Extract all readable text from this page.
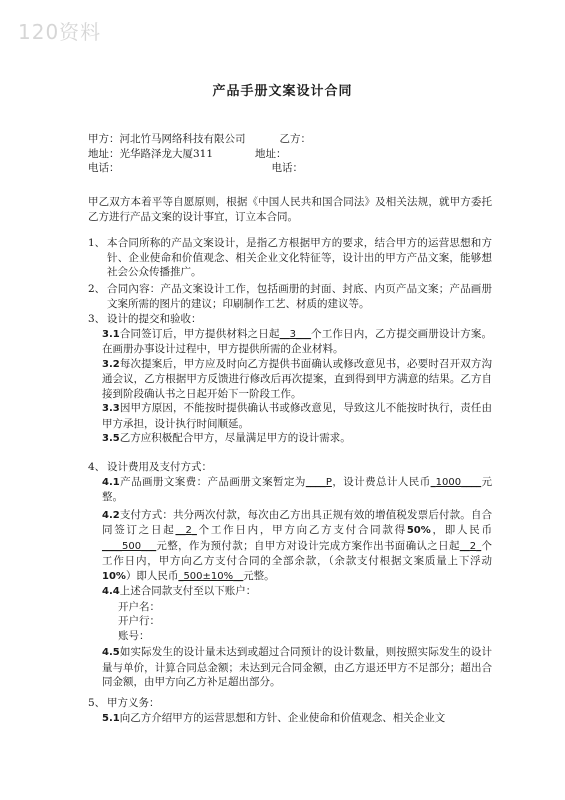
120资料
产品手册文案设计合同
甲方：河北竹马网络科技有限公司	乙方：
地址：光华路泽龙大厦311	地址：
电话：	电话：
甲乙双方本着平等自愿原则，根据《中国人民共和国合同法》及相关法规，就甲方委托乙方进行产品文案的设计事宜，订立本合同。
1、 本合同所称的产品文案设计，是指乙方根据甲方的要求，结合甲方的运营思想和方针、企业使命和价值观念、相关企业文化特征等，设计出的甲方产品文案，能够想社会公众传播推广。
2、 合同內容：产品文案设计工作，包括画册的封面、封底、内页产品文案；产品画册文案所需的图片的建议；印刷制作工艺、材质的建议等。
3、 设计的提交和验收：
3.1合同签订后，甲方提供材料之日起__3___个工作日内，乙方提交画册设计方案。在画册办事设计过程中，甲方提供所需的企业材料。
3.2每次提案后，甲方应及时向乙方提供书面确认或修改意见书，必要时召开双方沟通会议，乙方根据甲方反馈进行修改后再次提案，直到得到甲方满意的结果。乙方自接到阶段确认书之日起开始下一阶段工作。
3.3因甲方原因，不能按时提供确认书或修改意见，导致这儿不能按时执行，责任由甲方承担，设计执行时间顺延。
3.5乙方应积极配合甲方，尽量满足甲方的设计需求。
4、 设计费用及支付方式：
4.1产品画册文案费：产品画册文案暂定为____P，设计费总计人民币_1000____元整。
4.2支付方式：共分两次付款，每次由乙方出具正规有效的增值税发票后付款。自合同签订之日起__2_个工作日内，甲方向乙方支付合同款得50%，即人民币____500___元整，作为预付款；自甲方对设计完成方案作出书面确认之日起__2_个工作日内，甲方向乙方支付合同的全部余款，（余款支付根据文案质量上下浮动10%）即人民币_500±10%__元整。
4.4上述合同款支付至以下账户：
开户名：
开户行：
账号：
4.5如实际发生的设计量未达到或超过合同预计的设计数量，则按照实际发生的设计量与单价，计算合同总金额；未达到元合同金额，由乙方退还甲方不足部分；超出合同金额，由甲方向乙方补足超出部分。
5、 甲方义务：
5.1向乙方介绍甲方的运营思想和方针、企业使命和价值观念、相关企业文
